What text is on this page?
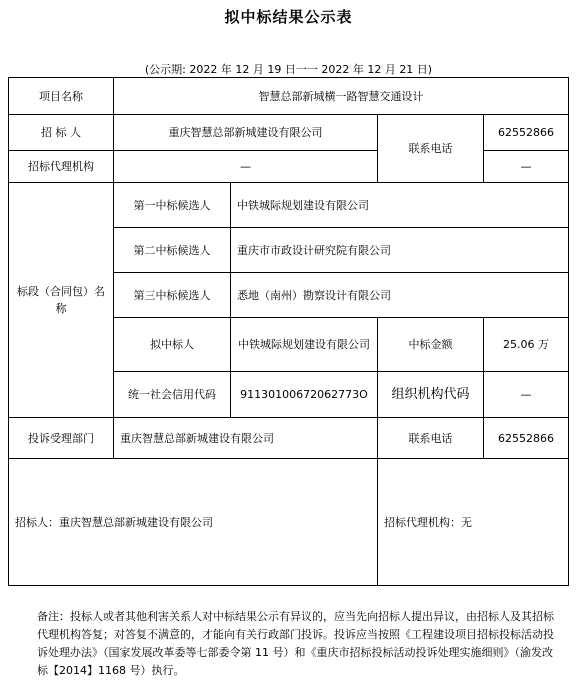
拟中标结果公示表
(公示期: 2022 年 12 月 19 日一一 2022 年 12 月 21 日)
项目名称	智慧总部新城横一路智慧交通设计			
招 标 人	重庆智慧总部新城建设有限公司		联系电话	62552866
招标代理机构	—			—
标段（合同包）名称	第一中标候选人	中铁城际规划建设有限公司		
	第二中标候选人	重庆市市政设计研究院有限公司		
	第三中标候选人	悉地（南州）勘察设计有限公司		
	拟中标人	中铁城际规划建设有限公司	中标金额	25.06 万
	统一社会信用代码	91130100672062773O	组织机构代码	—
投诉受理部门	重庆智慧总部新城建设有限公司		联系电话	62552866
招标人：重庆智慧总部新城建设有限公司			招标代理机构：无	
备注：投标人或者其他利害关系人对中标结果公示有异议的，应当先向招标人提出异议，由招标人及其招标代理机构答复；对答复不满意的，才能向有关行政部门投诉。投诉应当按照《工程建设项目招标投标活动投诉处理办法》（国家发展改革委等七部委令第 11 号）和《重庆市招标投标活动投诉处理实施细则》（渝发改标【2014】1168 号）执行。
